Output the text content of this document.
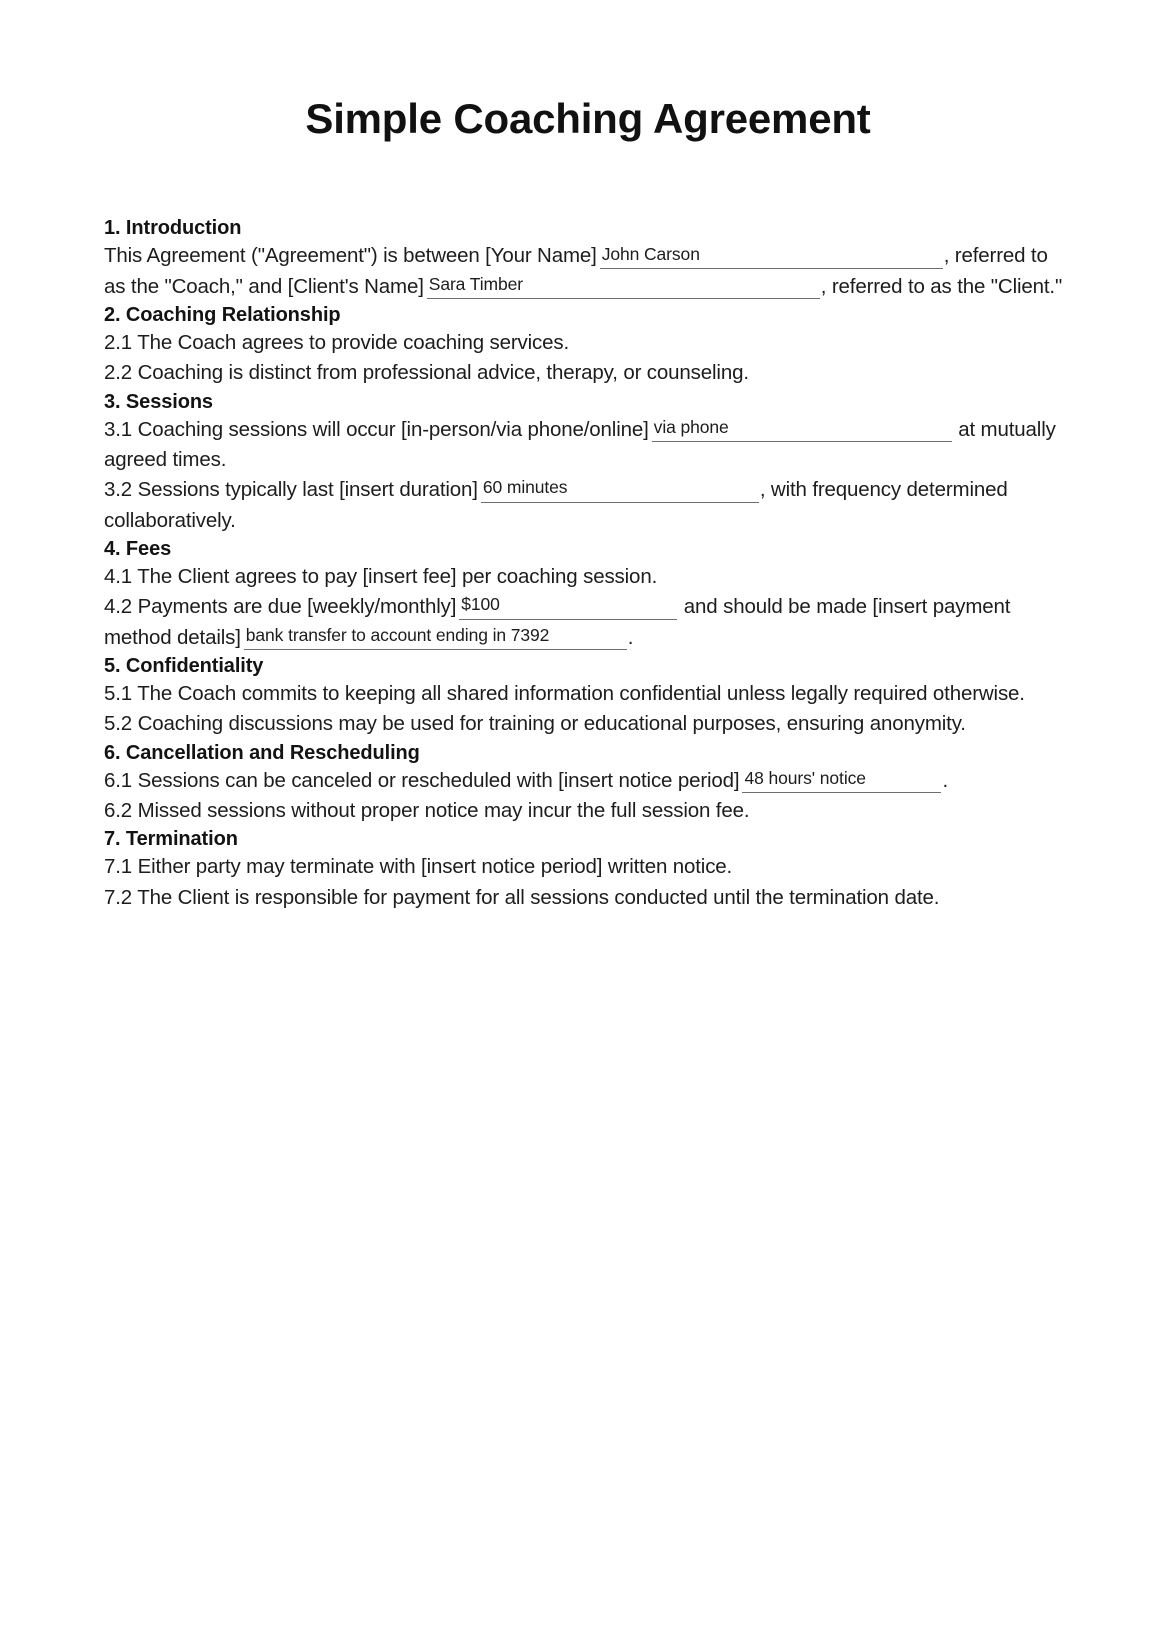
Simple Coaching Agreement
1. Introduction

This Agreement ("Agreement") is between [Your Name] John Carson	, referred to as the "Coach," and [Client's Name] Sara Timber	, referred to as the "Client."

2. Coaching Relationship

2.1 The Coach agrees to provide coaching services.

2.2 Coaching is distinct from professional advice, therapy, or counseling.

3. Sessions

3.1 Coaching sessions will occur [in-person/via phone/online] via phone	at mutually agreed times.

3.2 Sessions typically last [insert duration] 60 minutes	, with frequency determined collaboratively.

4. Fees

4.1 The Client agrees to pay [insert fee] per coaching session.

4.2 Payments are due [weekly/monthly] $100	and should be made [insert payment method details] bank transfer to account ending in 7392	.

5. Confidentiality

5.1 The Coach commits to keeping all shared information confidential unless legally required otherwise.

5.2 Coaching discussions may be used for training or educational purposes, ensuring anonymity.

6. Cancellation and Rescheduling

6.1 Sessions can be canceled or rescheduled with [insert notice period] 48 hours' notice	.

6.2 Missed sessions without proper notice may incur the full session fee.

7. Termination

7.1 Either party may terminate with [insert notice period] written notice.

7.2 The Client is responsible for payment for all sessions conducted until the termination date.
